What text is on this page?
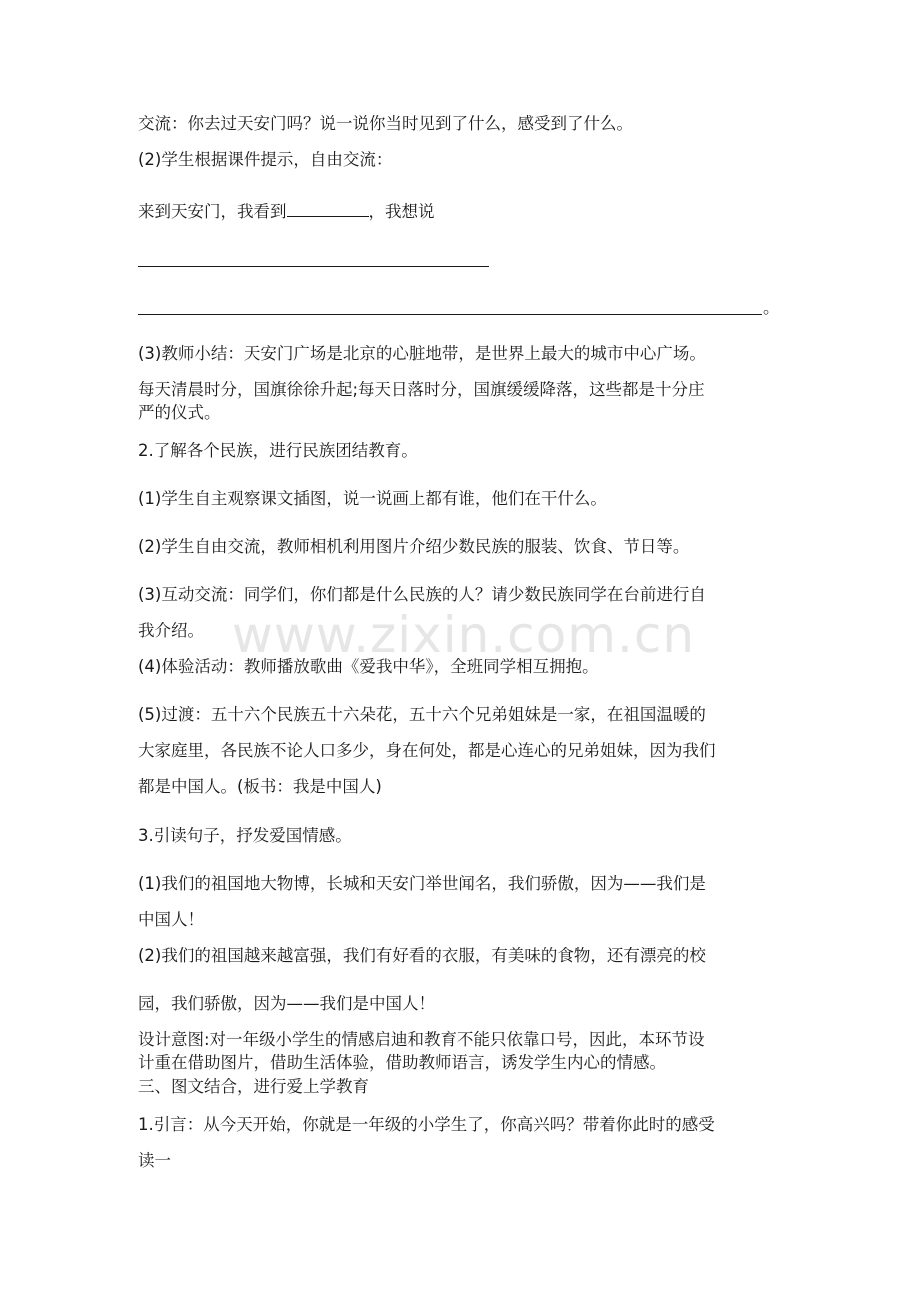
www.zixin.com.cn
交流：你去过天安门吗？说一说你当时见到了什么，感受到了什么。
(2)学生根据课件提示，自由交流：
来到天安门，我看到	，我想说
。
(3)教师小结：天安门广场是北京的心脏地带，是世界上最大的城市中心广场。
每天清晨时分，国旗徐徐升起;每天日落时分，国旗缓缓降落，这些都是十分庄
严的仪式。
2.了解各个民族，进行民族团结教育。
(1)学生自主观察课文插图，说一说画上都有谁，他们在干什么。
(2)学生自由交流，教师相机利用图片介绍少数民族的服装、饮食、节日等。
(3)互动交流：同学们，你们都是什么民族的人？请少数民族同学在台前进行自
我介绍。
(4)体验活动：教师播放歌曲《爱我中华》，全班同学相互拥抱。
(5)过渡：五十六个民族五十六朵花，五十六个兄弟姐妹是一家，在祖国温暖的
大家庭里，各民族不论人口多少，身在何处，都是心连心的兄弟姐妹，因为我们
都是中国人。(板书：我是中国人)
3.引读句子，抒发爱国情感。
(1)我们的祖国地大物博，长城和天安门举世闻名，我们骄傲，因为——我们是
中国人！
(2)我们的祖国越来越富强，我们有好看的衣服，有美味的食物，还有漂亮的校
园，我们骄傲，因为——我们是中国人！
设计意图:对一年级小学生的情感启迪和教育不能只依靠口号，因此，本环节设
计重在借助图片，借助生活体验，借助教师语言，诱发学生内心的情感。
三、图文结合，进行爱上学教育
1.引言：从今天开始，你就是一年级的小学生了，你高兴吗？带着你此时的感受
读一
